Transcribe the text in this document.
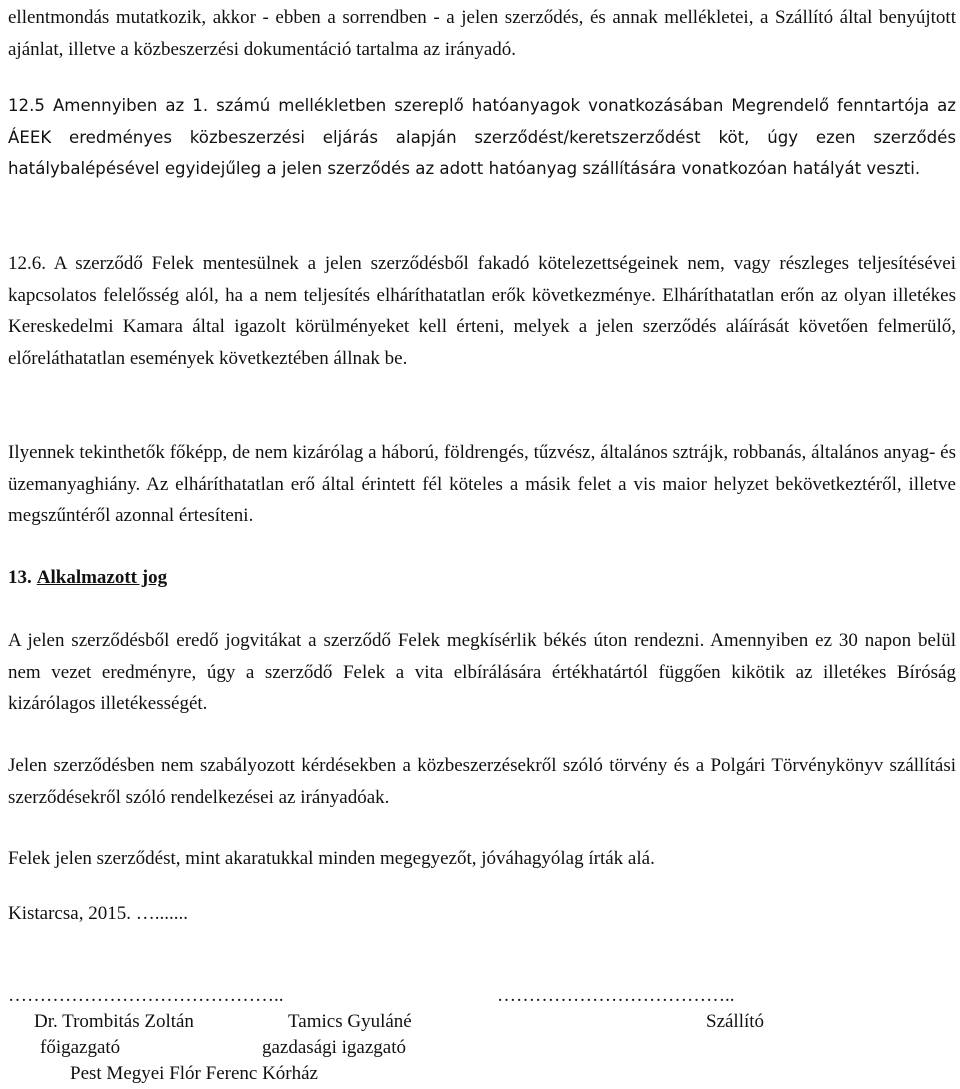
ellentmondás mutatkozik, akkor - ebben a sorrendben - a jelen szerződés, és annak mellékletei, a Szállító által benyújtott ajánlat, illetve a közbeszerzési dokumentáció tartalma az irányadó.

12.5 Amennyiben az 1. számú mellékletben szereplő hatóanyagok vonatkozásában Megrendelő fenntartója az ÁEEK eredményes közbeszerzési eljárás alapján szerződést/keretszerződést köt, úgy ezen szerződés hatálybalépésével egyidejűleg a jelen szerződés az adott hatóanyag szállítására vonatkozóan hatályát veszti.

12.6. A szerződő Felek mentesülnek a jelen szerződésből fakadó kötelezettségeinek nem, vagy részleges teljesítésévei kapcsolatos felelősség alól, ha a nem teljesítés elháríthatatlan erők következménye. Elháríthatatlan erőn az olyan illetékes Kereskedelmi Kamara által igazolt körülményeket kell érteni, melyek a jelen szerződés aláírását követően felmerülő, előreláthatatlan események következtében állnak be.

Ilyennek tekinthetők főképp, de nem kizárólag a háború, földrengés, tűzvész, általános sztrájk, robbanás, általános anyag- és üzemanyaghiány. Az elháríthatatlan erő által érintett fél köteles a másik felet a vis maior helyzet bekövetkeztéről, illetve megszűntéről azonnal értesíteni.

13. Alkalmazott jog

A jelen szerződésből eredő jogvitákat a szerződő Felek megkísérlik békés úton rendezni. Amennyiben ez 30 napon belül nem vezet eredményre, úgy a szerződő Felek a vita elbírálására értékhatártól függően kikötik az illetékes Bíróság kizárólagos illetékességét.

Jelen szerződésben nem szabályozott kérdésekben a közbeszerzésekről szóló törvény és a Polgári Törvénykönyv szállítási szerződésekről szóló rendelkezései az irányadóak.

Felek jelen szerződést, mint akaratukkal minden megegyezőt, jóváhagyólag írták alá.

Kistarcsa, 2015. ….......

……………………………………..	………………………………..
Dr. Trombitás Zoltán	Tamics Gyuláné	Szállító
főigazgató	gazdasági igazgató
Pest Megyei Flór Ferenc Kórház
